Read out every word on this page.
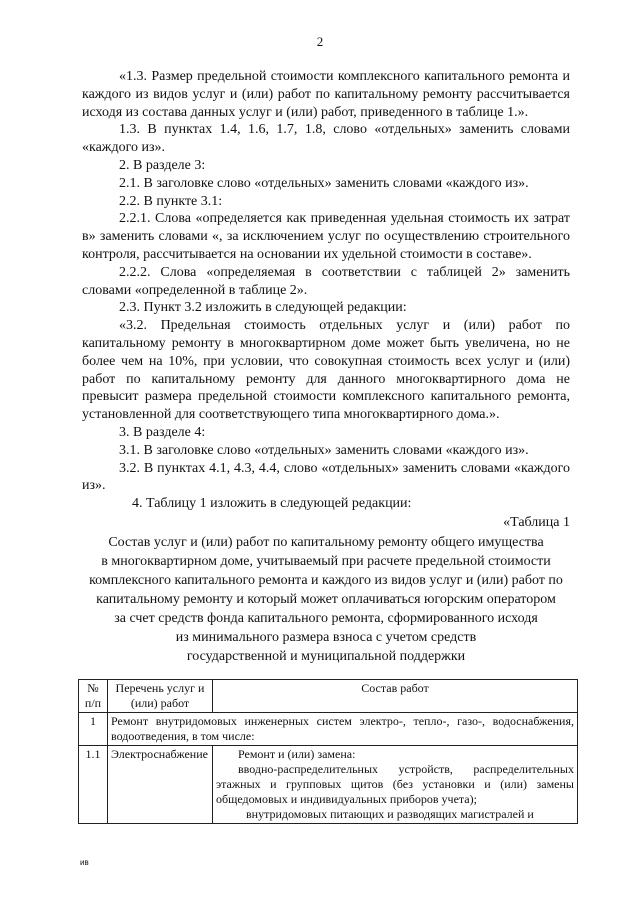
2

«1.3. Размер предельной стоимости комплексного капитального ремонта и каждого из видов услуг и (или) работ по капитальному ремонту рассчитывается исходя из состава данных услуг и (или) работ, приведенного в таблице 1.».

1.3. В пунктах 1.4, 1.6, 1.7, 1.8, слово «отдельных» заменить словами «каждого из».

2. В разделе 3:

2.1. В заголовке слово «отдельных» заменить словами «каждого из».

2.2. В пункте 3.1:

2.2.1. Слова «определяется как приведенная удельная стоимость их затрат в» заменить словами «, за исключением услуг по осуществлению строительного контроля, рассчитывается на основании их удельной стоимости в составе».

2.2.2. Слова «определяемая в соответствии с таблицей 2» заменить словами «определенной в таблице 2».

2.3. Пункт 3.2 изложить в следующей редакции:

«3.2. Предельная стоимость отдельных услуг и (или) работ по капитальному ремонту в многоквартирном доме может быть увеличена, но не более чем на 10%, при условии, что совокупная стоимость всех услуг и (или) работ по капитальному ремонту для данного многоквартирного дома не превысит размера предельной стоимости комплексного капитального ремонта, установленной для соответствующего типа многоквартирного дома.».

3. В разделе 4:

3.1. В заголовке слово «отдельных» заменить словами «каждого из».

3.2. В пунктах 4.1, 4.3, 4.4, слово «отдельных» заменить словами «каждого из».

4. Таблицу 1 изложить в следующей редакции:

«Таблица 1
Состав услуг и (или) работ по капитальному ремонту общего имущества
в многоквартирном доме, учитываемый при расчете предельной стоимости
комплексного капитального ремонта и каждого из видов услуг и (или) работ по
капитальному ремонту и который может оплачиваться югорским оператором
за счет средств фонда капитального ремонта, сформированного исходя
из минимального размера взноса с учетом средств
государственной и муниципальной поддержки
№ п/п	Перечень услуг и (или) работ	Состав работ
1	Ремонт внутридомовых инженерных систем электро-, тепло-, газо-, водоснабжения, водоотведения, в том числе:	
1.1	Электроснабжение	Ремонт и (или) замена:
вводно-распределительных устройств, распределительных этажных и групповых щитов (без установки и (или) замены общедомовых и индивидуальных приборов учета);
внутридомовых питающих и разводящих магистралей и
ив
